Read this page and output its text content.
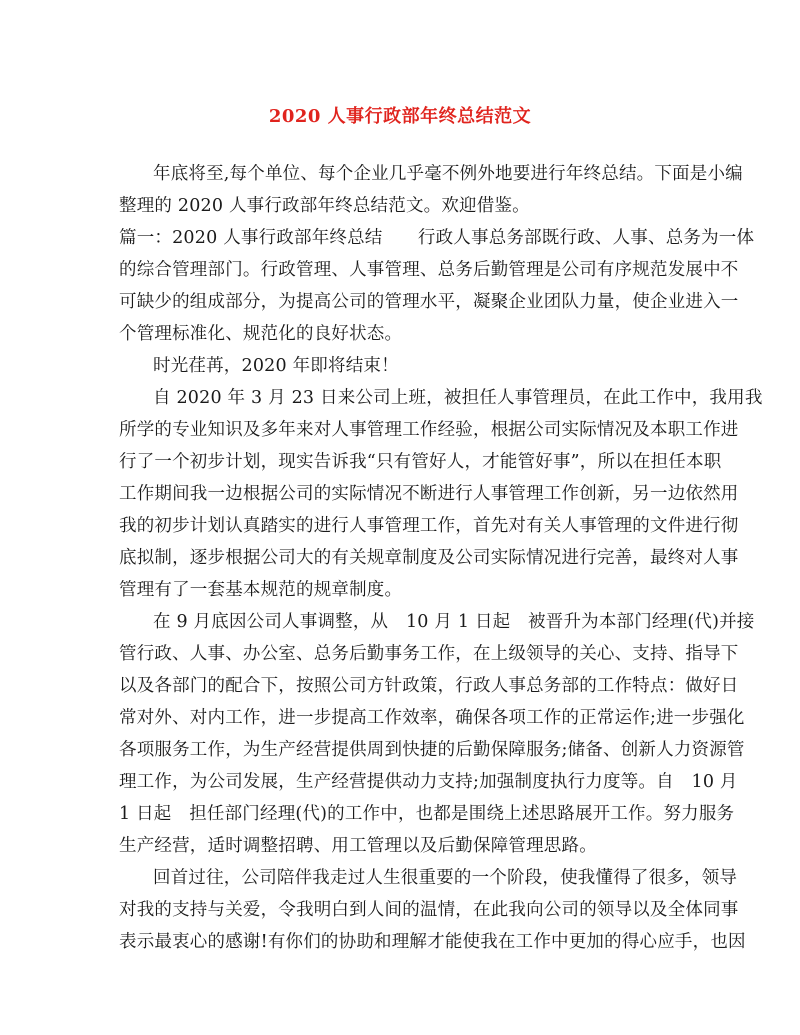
2020 人事行政部年终总结范文
年底将至,每个单位、每个企业几乎毫不例外地要进行年终总结。下面是小编
整理的 2020 人事行政部年终总结范文。欢迎借鉴。
篇一：2020 人事行政部年终总结　　行政人事总务部既行政、人事、总务为一体
的综合管理部门。行政管理、人事管理、总务后勤管理是公司有序规范发展中不
可缺少的组成部分，为提高公司的管理水平，凝聚企业团队力量，使企业进入一
个管理标准化、规范化的良好状态。
时光荏苒，2020 年即将结束！
自 2020 年 3 月 23 日来公司上班，被担任人事管理员，在此工作中，我用我
所学的专业知识及多年来对人事管理工作经验，根据公司实际情况及本职工作进
行了一个初步计划，现实告诉我“只有管好人，才能管好事”，所以在担任本职
工作期间我一边根据公司的实际情况不断进行人事管理工作创新，另一边依然用
我的初步计划认真踏实的进行人事管理工作，首先对有关人事管理的文件进行彻
底拟制，逐步根据公司大的有关规章制度及公司实际情况进行完善，最终对人事
管理有了一套基本规范的规章制度。
在 9 月底因公司人事调整，从　10 月 1 日起　被晋升为本部门经理(代)并接
管行政、人事、办公室、总务后勤事务工作，在上级领导的关心、支持、指导下
以及各部门的配合下，按照公司方针政策，行政人事总务部的工作特点：做好日
常对外、对内工作，进一步提高工作效率，确保各项工作的正常运作;进一步强化
各项服务工作，为生产经营提供周到快捷的后勤保障服务;储备、创新人力资源管
理工作，为公司发展，生产经营提供动力支持;加强制度执行力度等。自　10 月
1 日起　担任部门经理(代)的工作中，也都是围绕上述思路展开工作。努力服务
生产经营，适时调整招聘、用工管理以及后勤保障管理思路。
回首过往，公司陪伴我走过人生很重要的一个阶段，使我懂得了很多，领导
对我的支持与关爱，令我明白到人间的温情，在此我向公司的领导以及全体同事
表示最衷心的感谢!有你们的协助和理解才能使我在工作中更加的得心应手，也因
